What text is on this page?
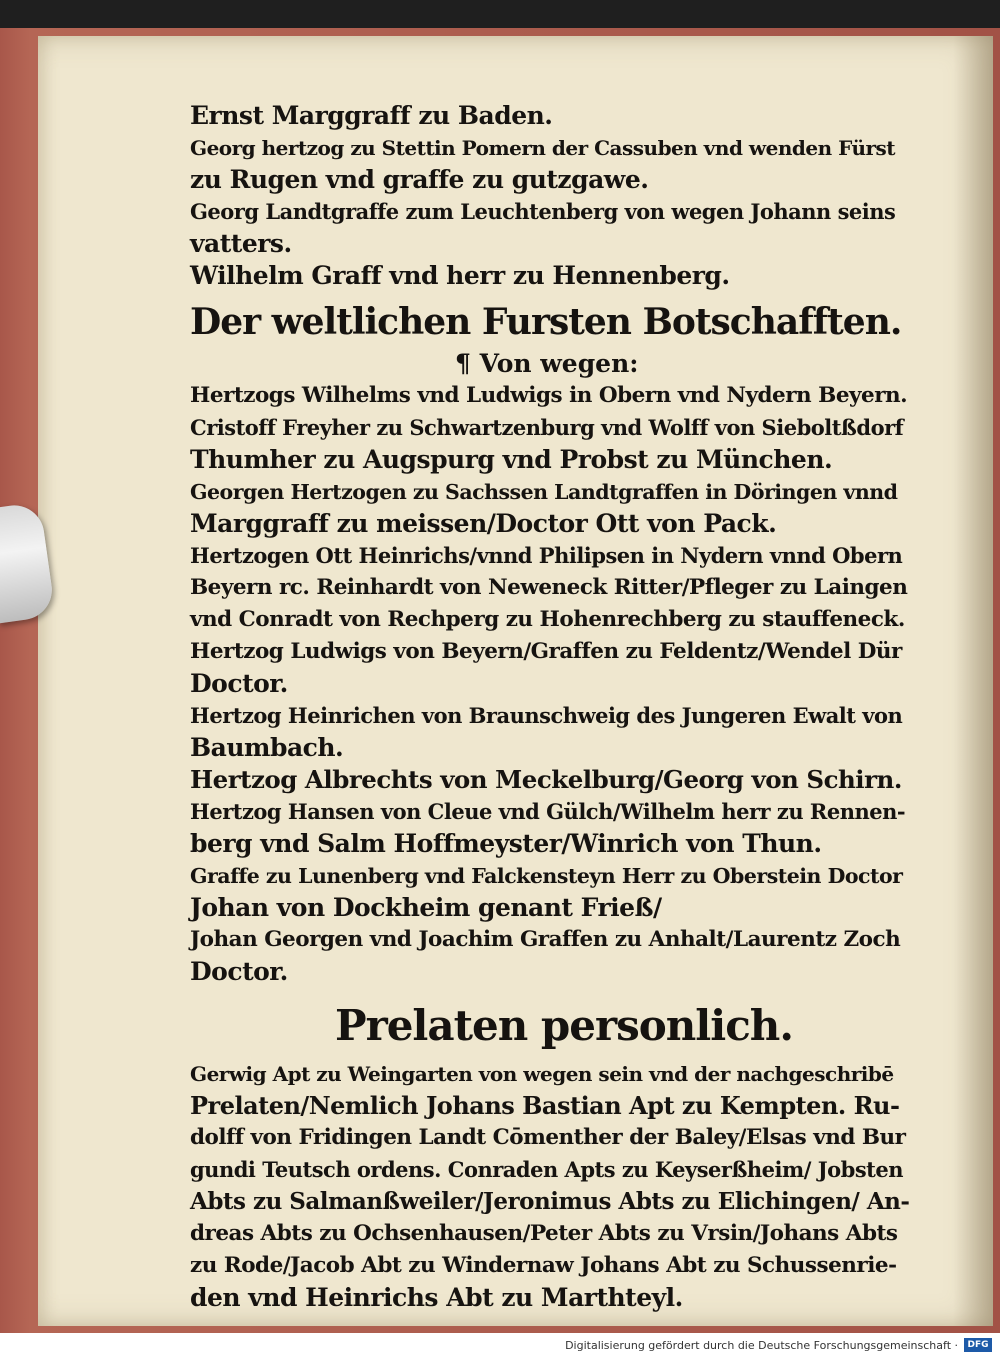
Ernst Marggraff zu Baden.
Georg hertzog zu Stettin Pomern der Cassuben vnd wenden Fürst
zu Rugen vnd graffe zu gutzgawe.
Georg Landtgraffe zum Leuchtenberg von wegen Johann seins
vatters.
Wilhelm Graff vnd herr zu Hennenberg.
Der weltlichen Fursten Botschafften.
¶ Von wegen:
Hertzogs Wilhelms vnd Ludwigs in Obern vnd Nydern Beyern.
Cristoff Freyher zu Schwartzenburg vnd Wolff von Sieboltßdorf
Thumher zu Augspurg vnd Probst zu München.
Georgen Hertzogen zu Sachssen Landtgraffen in Döringen vnnd
Marggraff zu meissen/Doctor Ott von Pack.
Hertzogen Ott Heinrichs/vnnd Philipsen in Nydern vnnd Obern
Beyern rc. Reinhardt von Neweneck Ritter/Pfleger zu Laingen
vnd Conradt von Rechperg zu Hohenrechberg zu stauffeneck.
Hertzog Ludwigs von Beyern/Graffen zu Feldentz/Wendel Dür
Doctor.
Hertzog Heinrichen von Braunschweig des Jungeren Ewalt von
Baumbach.
Hertzog Albrechts von Meckelburg/Georg von Schirn.
Hertzog Hansen von Cleue vnd Gülch/Wilhelm herr zu Rennen-
berg vnd Salm Hoffmeyster/Winrich von Thun.
Graffe zu Lunenberg vnd Falckensteyn Herr zu Oberstein Doctor
Johan von Dockheim genant Frieß/
Johan Georgen vnd Joachim Graffen zu Anhalt/Laurentz Zoch
Doctor.
Prelaten personlich.
Gerwig Apt zu Weingarten von wegen sein vnd der nachgeschribē
Prelaten/Nemlich Johans Bastian Apt zu Kempten. Ru-
dolff von Fridingen Landt Cōmenther der Baley/Elsas vnd Bur
gundi Teutsch ordens. Conraden Apts zu Keyserßheim/ Jobsten
Abts zu Salmanßweiler/Jeronimus Abts zu Elichingen/ An-
dreas Abts zu Ochsenhausen/Peter Abts zu Vrsin/Johans Abts
zu Rode/Jacob Abt zu Windernaw Johans Abt zu Schussenrie-
den vnd Heinrichs Abt zu Marthteyl.
Digitalisierung gefördert durch die Deutsche Forschungsgemeinschaft ·	DFG
